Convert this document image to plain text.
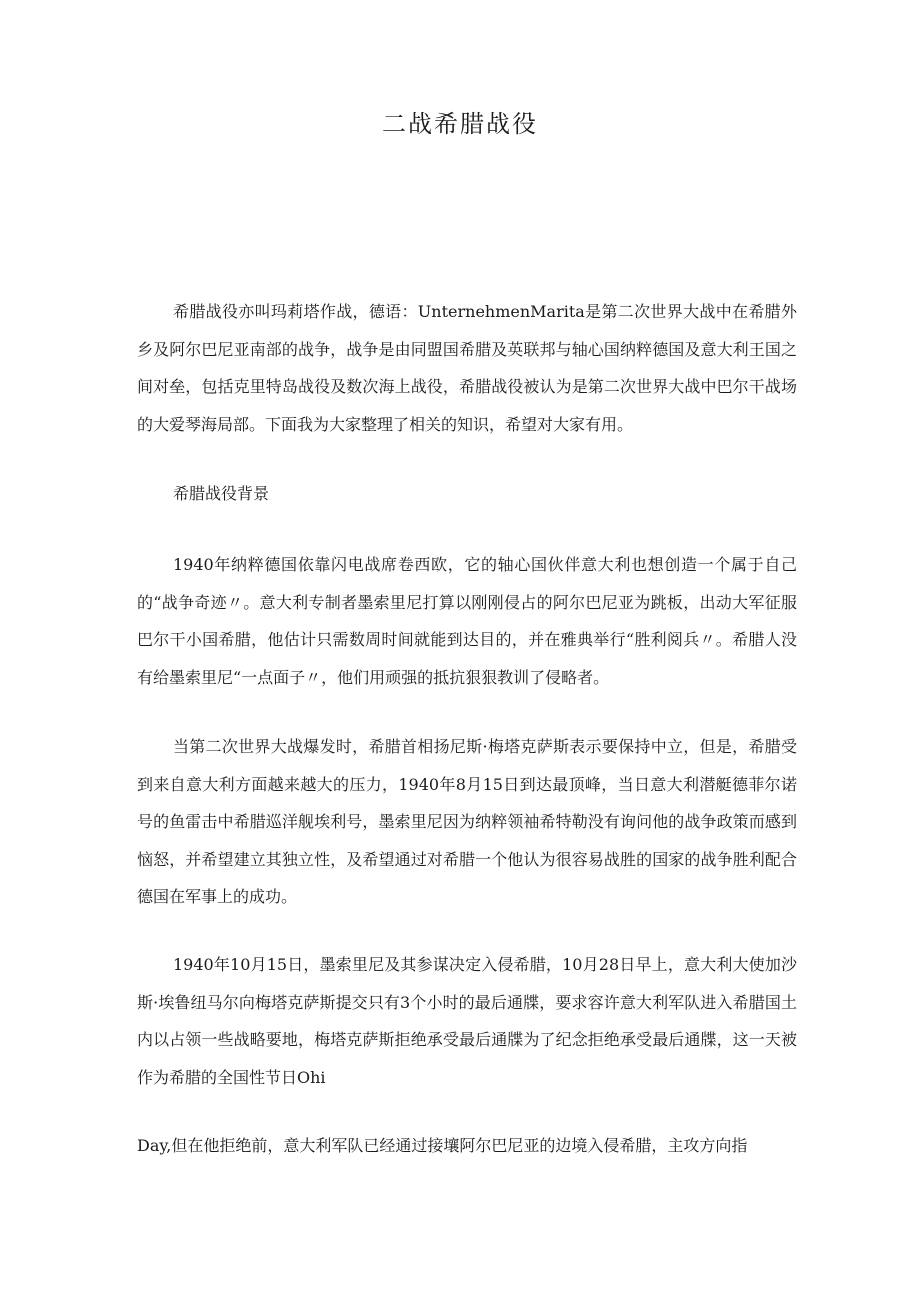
二战希腊战役

希腊战役亦叫玛莉塔作战，德语：UnternehmenMarita是第二次世界大战中在希腊外乡及阿尔巴尼亚南部的战争，战争是由同盟国希腊及英联邦与轴心国纳粹德国及意大利王国之间对垒，包括克里特岛战役及数次海上战役，希腊战役被认为是第二次世界大战中巴尔干战场的大爱琴海局部。下面我为大家整理了相关的知识，希望对大家有用。

希腊战役背景

1940年纳粹德国依靠闪电战席卷西欧，它的轴心国伙伴意大利也想创造一个属于自己的“战争奇迹〃。意大利专制者墨索里尼打算以刚刚侵占的阿尔巴尼亚为跳板，出动大军征服巴尔干小国希腊，他估计只需数周时间就能到达目的，并在雅典举行“胜利阅兵〃。希腊人没有给墨索里尼“一点面子〃，他们用顽强的抵抗狠狠教训了侵略者。

当第二次世界大战爆发时，希腊首相扬尼斯·梅塔克萨斯表示要保持中立，但是，希腊受到来自意大利方面越来越大的压力，1940年8月15日到达最顶峰，当日意大利潜艇德菲尔诺号的鱼雷击中希腊巡洋舰埃利号，墨索里尼因为纳粹领袖希特勒没有询问他的战争政策而感到恼怒，并希望建立其独立性，及希望通过对希腊一个他认为很容易战胜的国家的战争胜利配合德国在军事上的成功。

1940年10月15日，墨索里尼及其参谋决定入侵希腊，10月28日早上，意大利大使加沙斯·埃鲁纽马尔向梅塔克萨斯提交只有3个小时的最后通牒，要求容许意大利军队进入希腊国土内以占领一些战略要地，梅塔克萨斯拒绝承受最后通牒为了纪念拒绝承受最后通牒，这一天被作为希腊的全国性节日Ohi

Day,但在他拒绝前，意大利军队已经通过接壤阿尔巴尼亚的边境入侵希腊，主攻方向指
